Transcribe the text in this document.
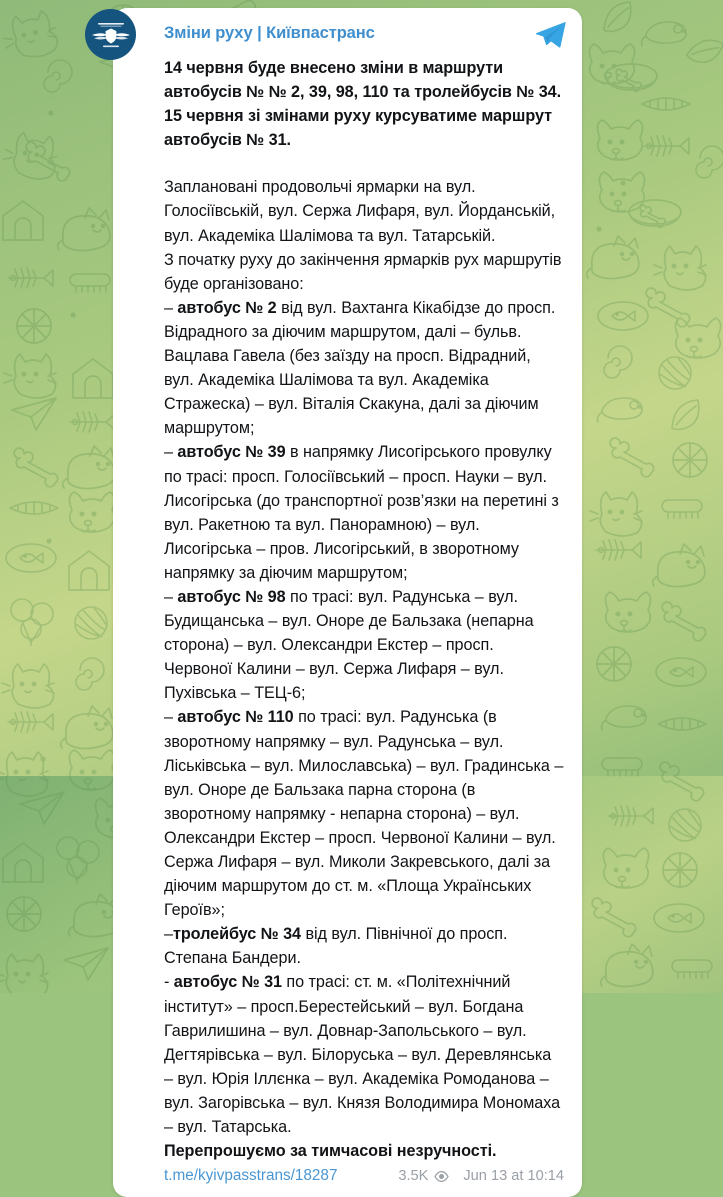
Зміни руху | Київпастранс

14 червня буде внесено зміни в маршрути автобусів № № 2, 39, 98, 110 та тролейбусів № 34.
15 червня зі змінами руху курсуватиме маршрут автобусів № 31.

Заплановані продовольчі ярмарки на вул. Голосіївській, вул. Сержа Лифаря, вул. Йорданській, вул. Академіка Шалімова та вул. Татарській.

З початку руху до закінчення ярмарків рух маршрутів буде організовано:

– автобус № 2 від вул. Вахтанга Кікабідзе до просп. Відрадного за діючим маршрутом, далі – бульв. Вацлава Гавела (без заїзду на просп. Відрадний, вул. Академіка Шалімова та вул. Академіка Стражеска) – вул. Віталія Скакуна, далі за діючим маршрутом;

– автобус № 39 в напрямку Лисогірського провулку по трасі: просп. Голосіївський – просп. Науки – вул. Лисогірська (до транспортної розв’язки на перетині з вул. Ракетною та вул. Панорамною) – вул. Лисогірська – пров. Лисогірський, в зворотному напрямку за діючим маршрутом;

– автобус № 98 по трасі: вул. Радунська – вул. Будищанська – вул. Оноре де Бальзака (непарна сторона) – вул. Олександри Екстер – просп. Червоної Калини – вул. Сержа Лифаря – вул. Пухівська – ТЕЦ-6;

– автобус № 110 по трасі: вул. Радунська (в зворотному напрямку – вул. Радунська – вул. Ліськівська – вул. Милославська) – вул. Градинська – вул. Оноре де Бальзака парна сторона (в зворотному напрямку - непарна сторона) – вул. Олександри Екстер – просп. Червоної Калини – вул. Сержа Лифаря – вул. Миколи Закревського, далі за діючим маршрутом до ст. м. «Площа Українських Героїв»;

–тролейбус № 34 від вул. Північної до просп. Степана Бандери.

- автобус № 31 по трасі: ст. м. «Політехнічний інститут» – просп.Берестейський – вул. Богдана Гаврилишина – вул. Довнар-Запольського – вул. Дегтярівська – вул. Білоруська – вул. Деревлянська – вул. Юрія Іллєнка – вул. Академіка Ромоданова – вул. Загорівська – вул. Князя Володимира Мономаха – вул. Татарська.

Перепрошуємо за тимчасові незручності.

t.me/kyivpasstrans/18287	3.5K Jun 13 at 10:14
